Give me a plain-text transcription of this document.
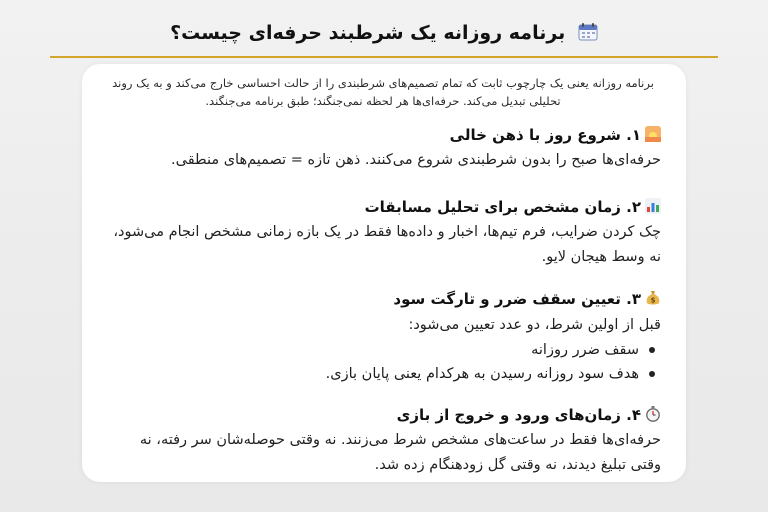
برنامه روزانه یک شرطبند حرفه‌ای چیست؟
برنامه روزانه یعنی یک چارچوب ثابت که تمام تصمیم‌های شرطبندی را از حالت احساسی خارج می‌کند و به یک روند تحلیلی تبدیل می‌کند. حرفه‌ای‌ها هر لحظه نمی‌جنگند؛ طبق برنامه می‌جنگند.
۱. شروع روز با ذهن خالی
حرفه‌ای‌ها صبح را بدون شرطبندی شروع می‌کنند. ذهن تازه = تصمیم‌های منطقی.
۲. زمان مشخص برای تحلیل مسابقات
چک کردن ضرایب، فرم تیم‌ها، اخبار و داده‌ها فقط در یک بازه زمانی مشخص انجام می‌شود، نه وسط هیجان لایو.
$
۳. تعیین سقف ضرر و تارگت سود
قبل از اولین شرط، دو عدد تعیین می‌شود:
سقف ضرر روزانه
هدف سود روزانه رسیدن به هرکدام یعنی پایان بازی.
۴. زمان‌های ورود و خروج از بازی
حرفه‌ای‌ها فقط در ساعت‌های مشخص شرط می‌زنند. نه وقتی حوصله‌شان سر رفته، نه وقتی تبلیغ دیدند، نه وقتی گل زودهنگام زده شد.
